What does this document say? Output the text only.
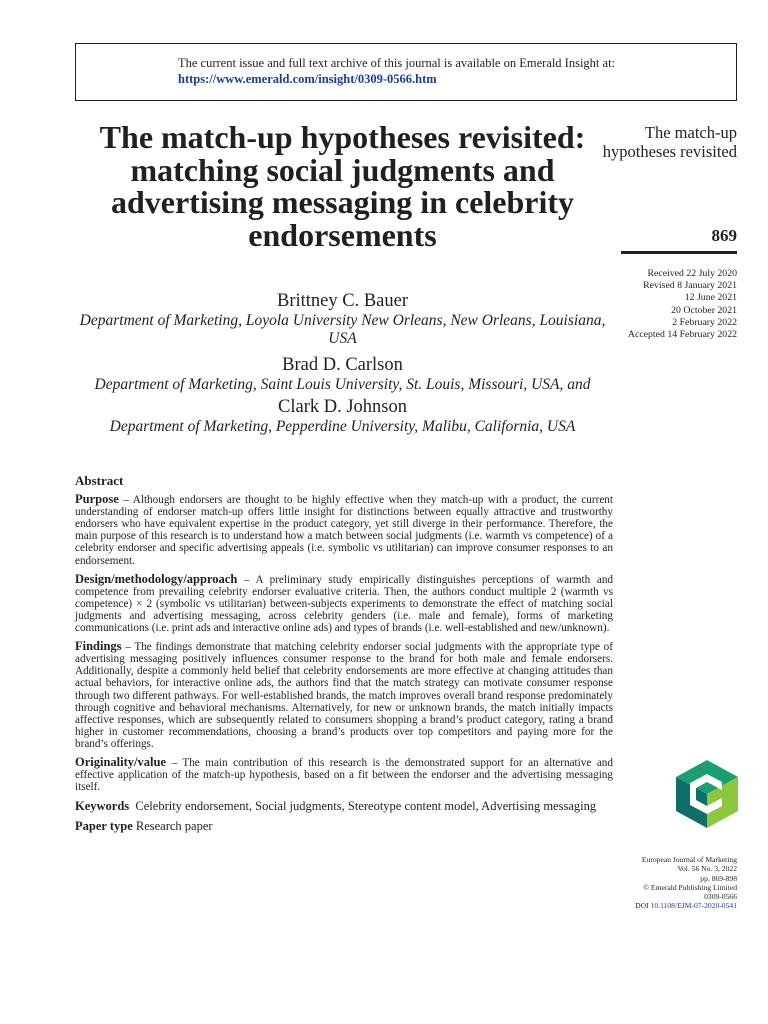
The current issue and full text archive of this journal is available on Emerald Insight at:
https://www.emerald.com/insight/0309-0566.htm
The match-up hypotheses revisited: matching social judgments and advertising messaging in celebrity endorsements
Brittney C. Bauer
Department of Marketing, Loyola University New Orleans, New Orleans, Louisiana, USA
Brad D. Carlson
Department of Marketing, Saint Louis University, St. Louis, Missouri, USA, and
Clark D. Johnson
Department of Marketing, Pepperdine University, Malibu, California, USA
The match-up hypotheses revisited
869
Received 22 July 2020
Revised 8 January 2021
12 June 2021
20 October 2021
2 February 2022
Accepted 14 February 2022
Abstract
Purpose – Although endorsers are thought to be highly effective when they match-up with a product, the current understanding of endorser match-up offers little insight for distinctions between equally attractive and trustworthy endorsers who have equivalent expertise in the product category, yet still diverge in their performance. Therefore, the main purpose of this research is to understand how a match between social judgments (i.e. warmth vs competence) of a celebrity endorser and specific advertising appeals (i.e. symbolic vs utilitarian) can improve consumer responses to an endorsement.
Design/methodology/approach – A preliminary study empirically distinguishes perceptions of warmth and competence from prevailing celebrity endorser evaluative criteria. Then, the authors conduct multiple 2 (warmth vs competence) × 2 (symbolic vs utilitarian) between-subjects experiments to demonstrate the effect of matching social judgments and advertising messaging, across celebrity genders (i.e. male and female), forms of marketing communications (i.e. print ads and interactive online ads) and types of brands (i.e. well-established and new/unknown).
Findings – The findings demonstrate that matching celebrity endorser social judgments with the appropriate type of advertising messaging positively influences consumer response to the brand for both male and female endorsers. Additionally, despite a commonly held belief that celebrity endorsements are more effective at changing attitudes than actual behaviors, for interactive online ads, the authors find that the match strategy can motivate consumer response through two different pathways. For well-established brands, the match improves overall brand response predominately through cognitive and behavioral mechanisms. Alternatively, for new or unknown brands, the match initially impacts affective responses, which are subsequently related to consumers shopping a brand’s product category, rating a brand higher in customer recommendations, choosing a brand’s products over top competitors and paying more for the brand’s offerings.
Originality/value – The main contribution of this research is the demonstrated support for an alternative and effective application of the match-up hypothesis, based on a fit between the endorser and the advertising messaging itself.
Keywords Celebrity endorsement, Social judgments, Stereotype content model, Advertising messaging
Paper type Research paper
European Journal of Marketing
Vol. 56 No. 3, 2022
pp. 869-898
© Emerald Publishing Limited
0309-0566
DOI 10.1108/EJM-07-2020-0541
